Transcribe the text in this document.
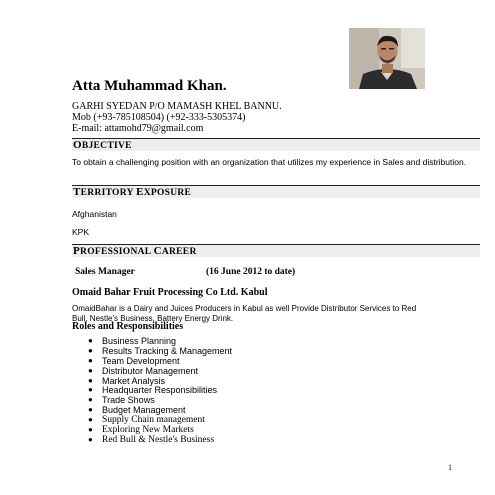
Atta Muhammad Khan.
GARHI SYEDAN P/O MAMASH KHEL BANNU.
Mob (+93-785108504) (+92-333-5305374)
E-mail: attamohd79@gmail.com
OBJECTIVE
To obtain a challenging position with an organization that utilizes my experience in Sales and distribution.
TERRITORY EXPOSURE
Afghanistan
KPK
PROFESSIONAL CAREER
Sales Manager	(16 June 2012 to date)
Omaid Bahar Fruit Processing Co Ltd. Kabul
OmaidBahar is a Dairy and Juices Producers in Kabul as well Provide Distributor Services to Red Bull, Nestle's Business, Battery Energy Drink.
Roles and Responsibilities
● Business Planning
● Results Tracking & Management
● Team Development
● Distributor Management
● Market Analysis
● Headquarter Responsibilities
● Trade Shows
● Budget Management
● Supply Chain management
● Exploring New Markets
● Red Bull & Nestle's Business
1
